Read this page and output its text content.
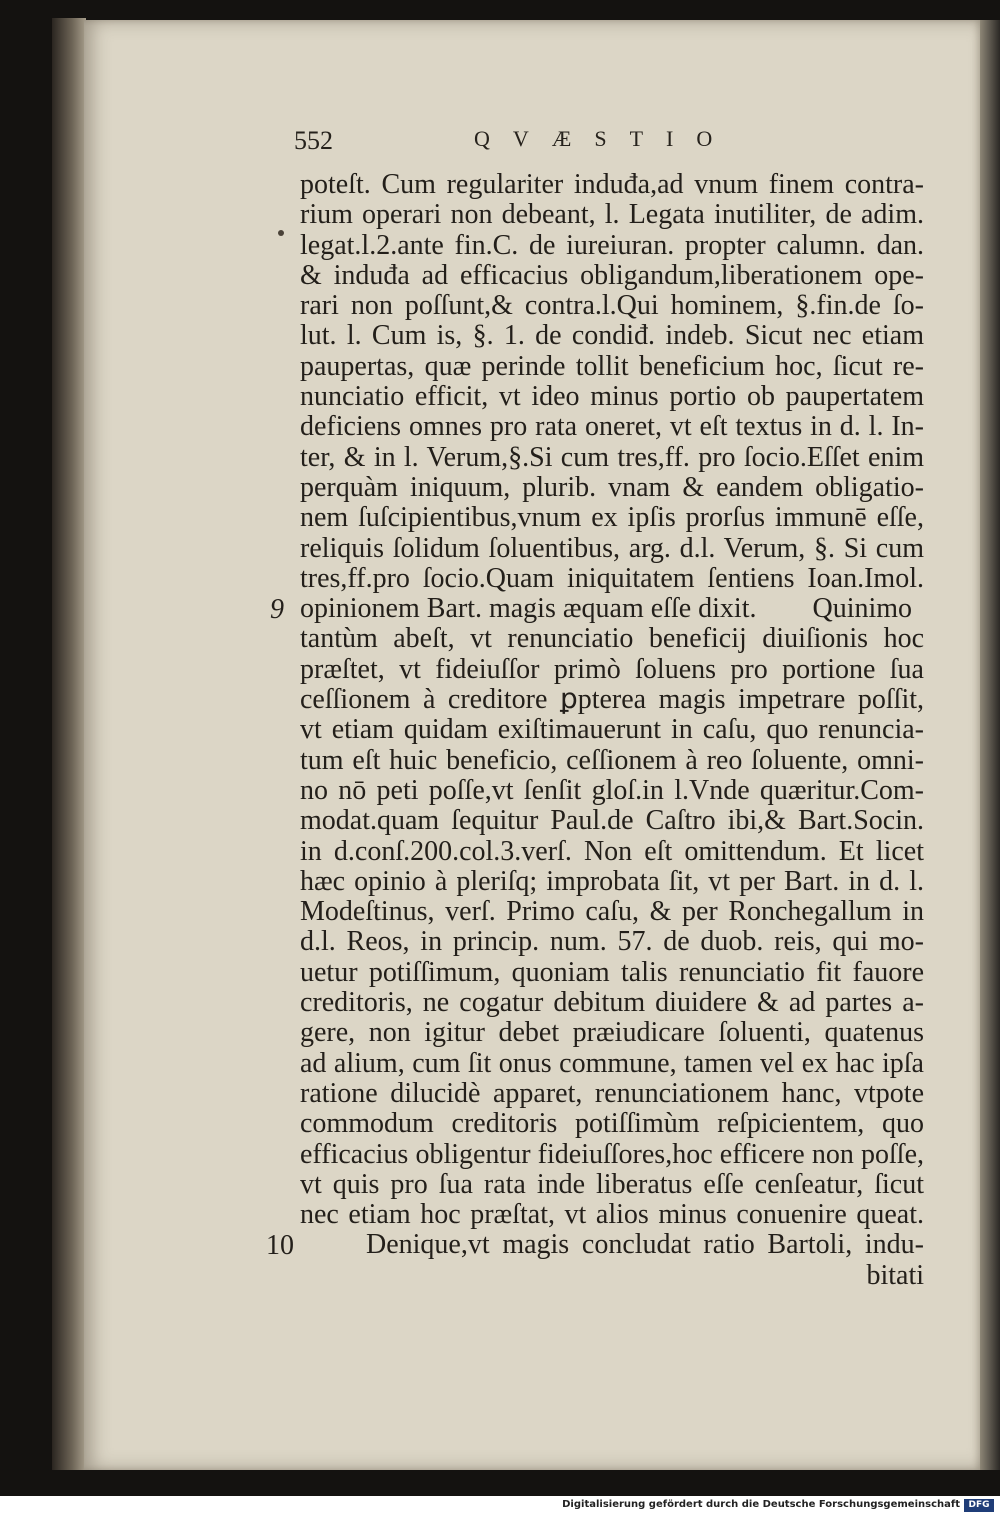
552	QVÆSTIO
9
10
poteſt. Cum regulariter induđa,ad vnum finem contra-
rium operari non debeant, l. Legata inutiliter, de adim.
legat.l.2.ante fin.C. de iureiuran. propter calumn. dan.
& induđa ad efficacius obligandum,liberationem ope-
rari non poſſunt,& contra.l.Qui hominem, §.fin.de ſo-
lut. l. Cum is, §. 1. de condiđ. indeb. Sicut nec etiam
paupertas, quæ perinde tollit beneficium hoc, ſicut re-
nunciatio efficit, vt ideo minus portio ob paupertatem
deficiens omnes pro rata oneret, vt eſt textus in d. l. In-
ter, & in l. Verum,§.Si cum tres,ff. pro ſocio.Eſſet enim
perquàm iniquum, plurib. vnam & eandem obligatio-
nem ſuſcipientibus,vnum ex ipſis prorſus immunē eſſe,
reliquis ſolidum ſoluentibus, arg. d.l. Verum, §. Si cum
tres,ff.pro ſocio.Quam iniquitatem ſentiens Ioan.Imol.
opinionem Bart. magis æquam eſſe dixit.        Quinimo
tantùm abeſt, vt renunciatio beneficij diuiſionis hoc
præſtet, vt fideiuſſor primò ſoluens pro portione ſua
ceſſionem à creditore ꝑpterea magis impetrare poſſit,
vt etiam quidam exiſtimauerunt in caſu, quo renuncia-
tum eſt huic beneficio, ceſſionem à reo ſoluente, omni-
no nō peti poſſe,vt ſenſit gloſ.in l.Vnde quæritur.Com-
modat.quam ſequitur Paul.de Caſtro ibi,& Bart.Socin.
in d.conſ.200.col.3.verſ. Non eſt omittendum. Et licet
hæc opinio à pleriſq; improbata ſit, vt per Bart. in d. l.
Modeſtinus, verſ. Primo caſu, & per Ronchegallum in
d.l. Reos, in princip. num. 57. de duob. reis, qui mo-
uetur potiſſimum, quoniam talis renunciatio fit fauore
creditoris, ne cogatur debitum diuidere & ad partes a-
gere, non igitur debet præiudicare ſoluenti, quatenus
ad alium, cum ſit onus commune, tamen vel ex hac ipſa
ratione dilucidè apparet, renunciationem hanc, vtpote
commodum creditoris potiſſimùm reſpicientem, quo
efficacius obligentur fideiuſſores,hoc efficere non poſſe,
vt quis pro ſua rata inde liberatus eſſe cenſeatur, ſicut
nec etiam hoc præſtat, vt alios minus conuenire queat.
Denique,vt magis concludat ratio Bartoli, indu-
bitati
Digitalisierung gefördert durch die Deutsche Forschungsgemeinschaft DFG
